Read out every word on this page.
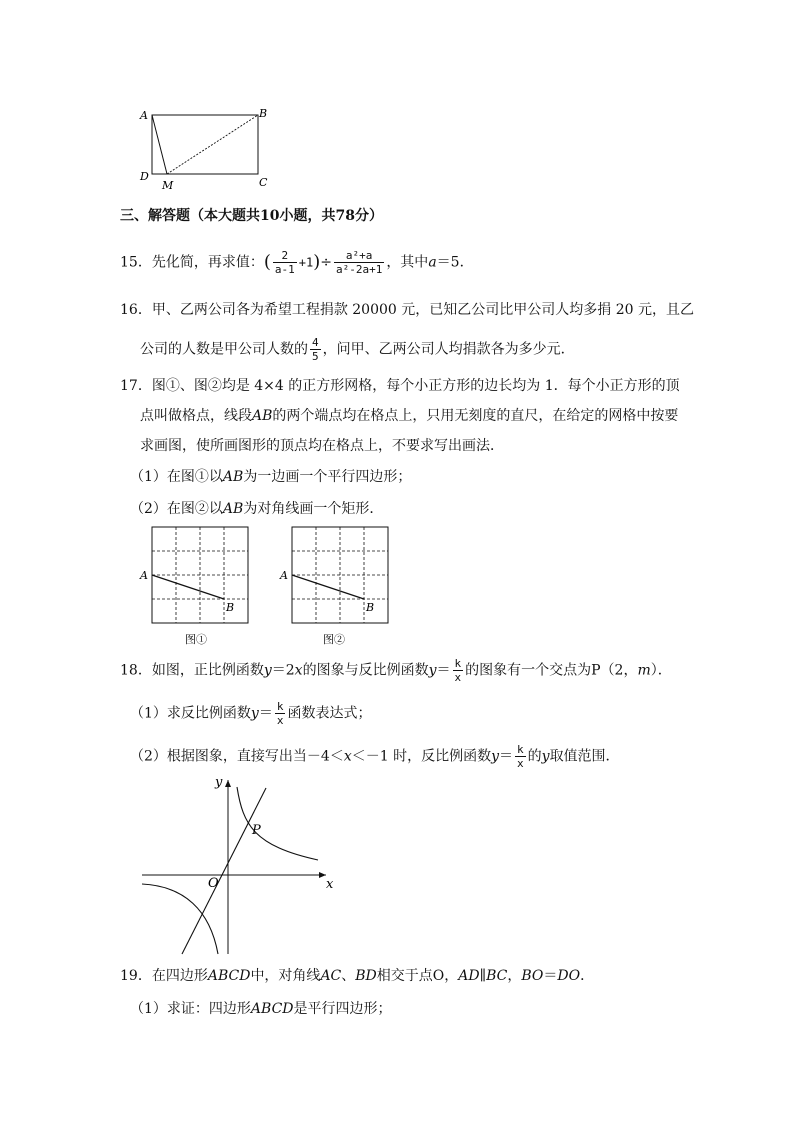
A	B
C
D
M
三、解答题（本大题共10小题，共78分）
15．先化简，再求值：( $\frac{2}{a-1} +1)\div \frac{\text{a²+a}}{\text{a²-2a+1}}$ ，其中a＝5．
16．甲、乙两公司各为希望工程捐款 20000 元，已知乙公司比甲公司人均多捐 20 元，且乙
公司的人数是甲公司人数的 $\frac{4}{5}$ ，问甲、乙两公司人均捐款各为多少元．
17．图①、图②均是 4×4 的正方形网格，每个小正方形的边长均为 1．每个小正方形的顶
点叫做格点，线段AB的两个端点均在格点上，只用无刻度的直尺，在给定的网格中按要
求画图，使所画图形的顶点均在格点上，不要求写出画法．
（1）在图①以AB为一边画一个平行四边形；
（2）在图②以AB为对角线画一个矩形．
A
B
图①
A
B
图②
18．如图，正比例函数y＝2x的图象与反比例函数$y= \frac{k}{x}$ 的图象有一个交点为P（2，m）．
（1）求反比例函数$y= \frac{k}{x}$ 函数表达式；
（2）根据图象，直接写出当－4＜x＜－1 时，反比例函数$y= \frac{k}{x}$ 的y取值范围．
y
x
O
P
19．在四边形ABCD中，对角线AC、BD相交于点O，AD∥BC，BO＝DO．
（1）求证：四边形ABCD是平行四边形；
